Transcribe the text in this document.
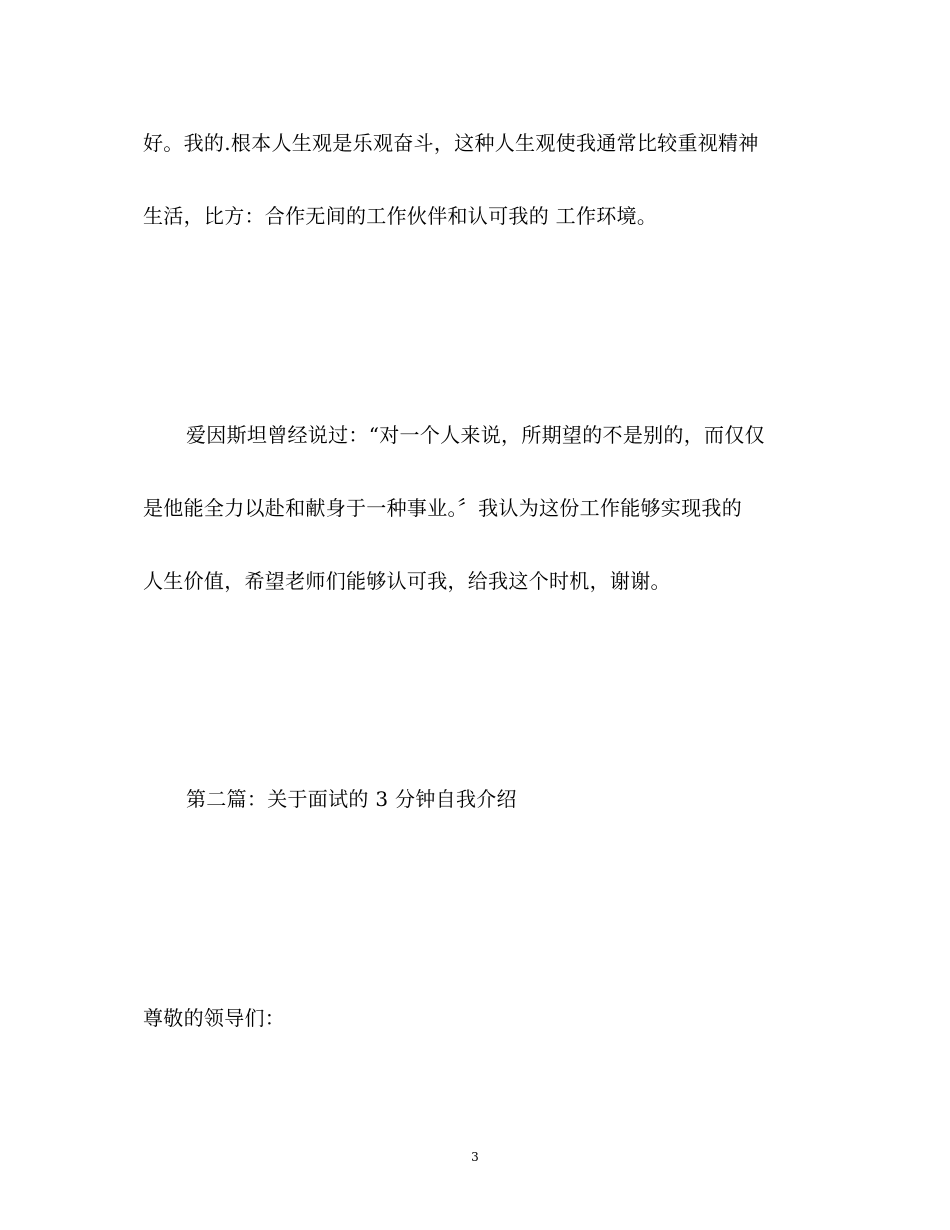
好。我的.根本人生观是乐观奋斗，这种人生观使我通常比较重视精神
生活，比方：合作无间的工作伙伴和认可我的 工作环境。
爱因斯坦曾经说过：“对一个人来说，所期望的不是别的，而仅仅
是他能全力以赴和献身于一种事业。〞我认为这份工作能够实现我的
人生价值，希望老师们能够认可我，给我这个时机，谢谢。
第二篇：关于面试的 3 分钟自我介绍
尊敬的领导们：
3
